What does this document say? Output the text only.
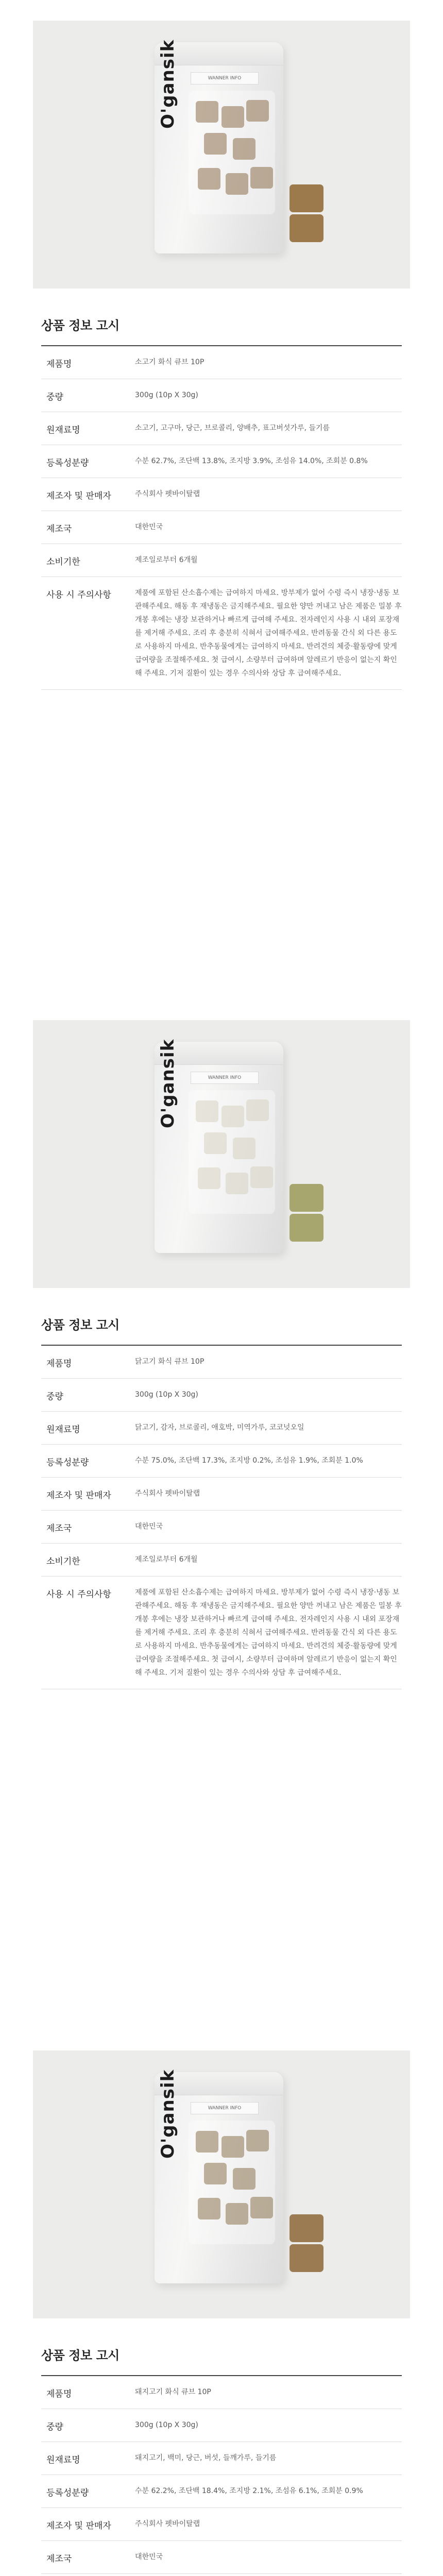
O'gansik	WANNER INFO
상품 정보 고시
제품명	소고기 화식 큐브 10P
중량	300g (10p X 30g)
원재료명	소고기, 고구마, 당근, 브로콜리, 양배추, 표고버섯가루, 들기름
등록성분량	수분 62.7%, 조단백 13.8%, 조지방 3.9%, 조섬유 14.0%, 조회분 0.8%
제조자 및 판매자	주식회사 펫바이탈랩
제조국	대한민국
소비기한	제조일로부터 6개월
사용 시 주의사항	제품에 포함된 산소흡수제는 급여하지 마세요. 방부제가 없어 수령 즉시 냉장·냉동 보관해주세요. 해동 후 재냉동은 금지해주세요. 필요한 양만 꺼내고 남은 제품은 밀봉 후 개봉 후에는 냉장 보관하거나 빠르게 급여해 주세요. 전자레인지 사용 시 내외 포장재를 제거해 주세요. 조리 후 충분히 식혀서 급여해주세요. 반려동물 간식 외 다른 용도로 사용하지 마세요. 반추동물에게는 급여하지 마세요. 반려견의 체중·활동량에 맞게 급여량을 조절해주세요. 첫 급여시, 소량부터 급여하며 알레르기 반응이 없는지 확인해 주세요. 기저 질환이 있는 경우 수의사와 상담 후 급여해주세요.
O'gansik	WANNER INFO
상품 정보 고시
제품명	닭고기 화식 큐브 10P
중량	300g (10p X 30g)
원재료명	닭고기, 감자, 브로콜리, 애호박, 미역가루, 코코넛오일
등록성분량	수분 75.0%, 조단백 17.3%, 조지방 0.2%, 조섬유 1.9%, 조회분 1.0%
제조자 및 판매자	주식회사 펫바이탈랩
제조국	대한민국
소비기한	제조일로부터 6개월
사용 시 주의사항	제품에 포함된 산소흡수제는 급여하지 마세요. 방부제가 없어 수령 즉시 냉장·냉동 보관해주세요. 해동 후 재냉동은 금지해주세요. 필요한 양만 꺼내고 남은 제품은 밀봉 후 개봉 후에는 냉장 보관하거나 빠르게 급여해 주세요. 전자레인지 사용 시 내외 포장재를 제거해 주세요. 조리 후 충분히 식혀서 급여해주세요. 반려동물 간식 외 다른 용도로 사용하지 마세요. 반추동물에게는 급여하지 마세요. 반려견의 체중·활동량에 맞게 급여량을 조절해주세요. 첫 급여시, 소량부터 급여하며 알레르기 반응이 없는지 확인해 주세요. 기저 질환이 있는 경우 수의사와 상담 후 급여해주세요.
O'gansik	WANNER INFO
상품 정보 고시
제품명	돼지고기 화식 큐브 10P
중량	300g (10p X 30g)
원재료명	돼지고기, 백미, 당근, 버섯, 들깨가루, 들기름
등록성분량	수분 62.2%, 조단백 18.4%, 조지방 2.1%, 조섬유 6.1%, 조회분 0.9%
제조자 및 판매자	주식회사 펫바이탈랩
제조국	대한민국
